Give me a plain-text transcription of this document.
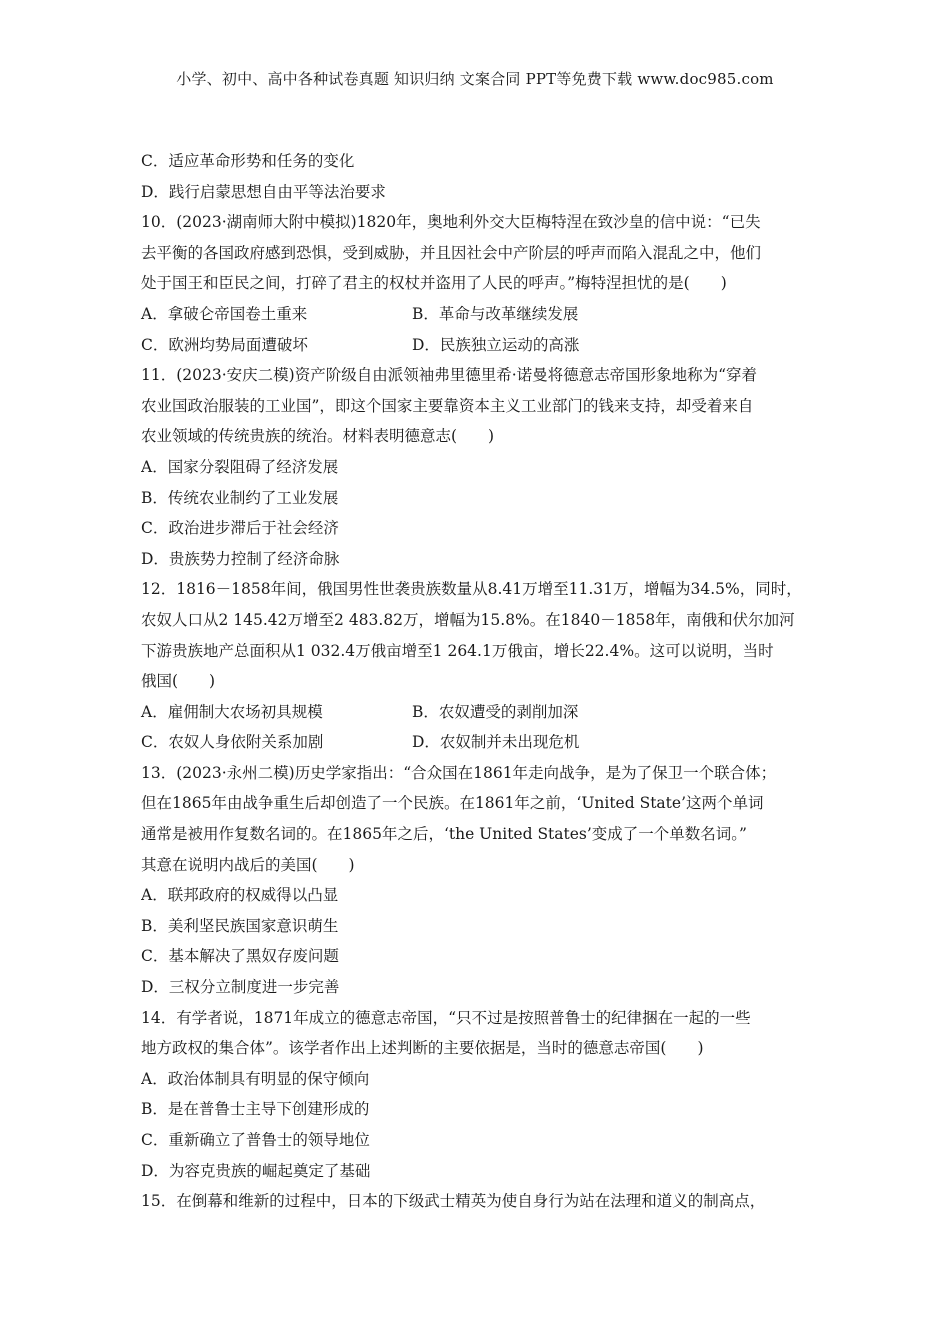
小学、初中、高中各种试卷真题 知识归纳 文案合同 PPT等免费下载 www.doc985.com
C．适应革命形势和任务的变化
D．践行启蒙思想自由平等法治要求
10．(2023·湖南师大附中模拟)1820年，奥地利外交大臣梅特涅在致沙皇的信中说：“已失
去平衡的各国政府感到恐惧，受到威胁，并且因社会中产阶层的呼声而陷入混乱之中，他们
处于国王和臣民之间，打碎了君主的权杖并盗用了人民的呼声。”梅特涅担忧的是(　　)
A．拿破仑帝国卷土重来	B．革命与改革继续发展
C．欧洲均势局面遭破坏	D．民族独立运动的高涨
11．(2023·安庆二模)资产阶级自由派领袖弗里德里希·诺曼将德意志帝国形象地称为“穿着
农业国政治服装的工业国”，即这个国家主要靠资本主义工业部门的钱来支持，却受着来自
农业领域的传统贵族的统治。材料表明德意志(　　)
A．国家分裂阻碍了经济发展
B．传统农业制约了工业发展
C．政治进步滞后于社会经济
D．贵族势力控制了经济命脉
12．1816－1858年间，俄国男性世袭贵族数量从8.41万增至11.31万，增幅为34.5%，同时，
农奴人口从2 145.42万增至2 483.82万，增幅为15.8%。在1840－1858年，南俄和伏尔加河
下游贵族地产总面积从1 032.4万俄亩增至1 264.1万俄亩，增长22.4%。这可以说明，当时
俄国(　　)
A．雇佣制大农场初具规模	B．农奴遭受的剥削加深
C．农奴人身依附关系加剧	D．农奴制并未出现危机
13．(2023·永州二模)历史学家指出：“合众国在1861年走向战争，是为了保卫一个联合体；
但在1865年由战争重生后却创造了一个民族。在1861年之前，‘United State’这两个单词
通常是被用作复数名词的。在1865年之后，‘the United States’变成了一个单数名词。”
其意在说明内战后的美国(　　)
A．联邦政府的权威得以凸显
B．美利坚民族国家意识萌生
C．基本解决了黑奴存废问题
D．三权分立制度进一步完善
14．有学者说，1871年成立的德意志帝国，“只不过是按照普鲁士的纪律捆在一起的一些
地方政权的集合体”。该学者作出上述判断的主要依据是，当时的德意志帝国(　　)
A．政治体制具有明显的保守倾向
B．是在普鲁士主导下创建形成的
C．重新确立了普鲁士的领导地位
D．为容克贵族的崛起奠定了基础
15．在倒幕和维新的过程中，日本的下级武士精英为使自身行为站在法理和道义的制高点，
